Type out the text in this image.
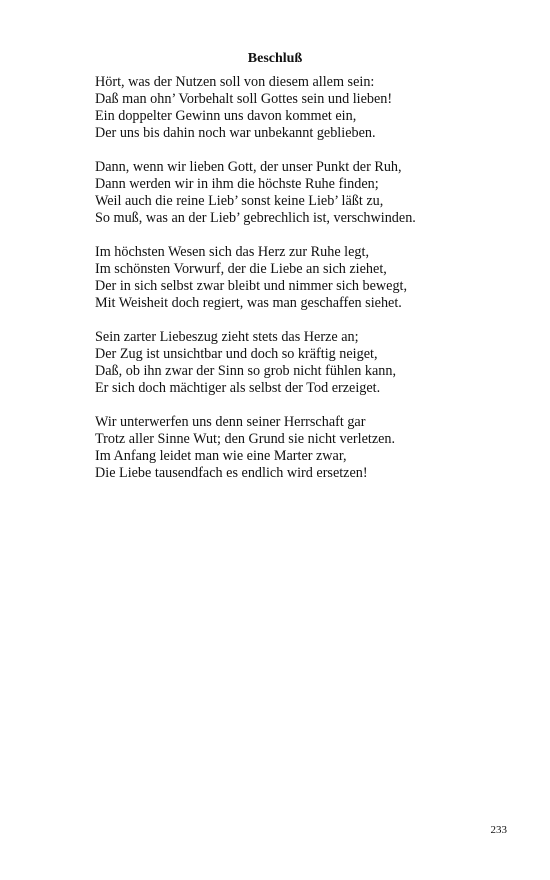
Beschluß
Hört, was der Nutzen soll von diesem allem sein:
Daß man ohn’ Vorbehalt soll Gottes sein und lieben!
Ein doppelter Gewinn uns davon kommet ein,
Der uns bis dahin noch war unbekannt geblieben.
Dann, wenn wir lieben Gott, der unser Punkt der Ruh,
Dann werden wir in ihm die höchste Ruhe finden;
Weil auch die reine Lieb’ sonst keine Lieb’ läßt zu,
So muß, was an der Lieb’ gebrechlich ist, verschwinden.
Im höchsten Wesen sich das Herz zur Ruhe legt,
Im schönsten Vorwurf, der die Liebe an sich ziehet,
Der in sich selbst zwar bleibt und nimmer sich bewegt,
Mit Weisheit doch regiert, was man geschaffen siehet.
Sein zarter Liebeszug zieht stets das Herze an;
Der Zug ist unsichtbar und doch so kräftig neiget,
Daß, ob ihn zwar der Sinn so grob nicht fühlen kann,
Er sich doch mächtiger als selbst der Tod erzeiget.
Wir unterwerfen uns denn seiner Herrschaft gar
Trotz aller Sinne Wut; den Grund sie nicht verletzen.
Im Anfang leidet man wie eine Marter zwar,
Die Liebe tausendfach es endlich wird ersetzen!
233
